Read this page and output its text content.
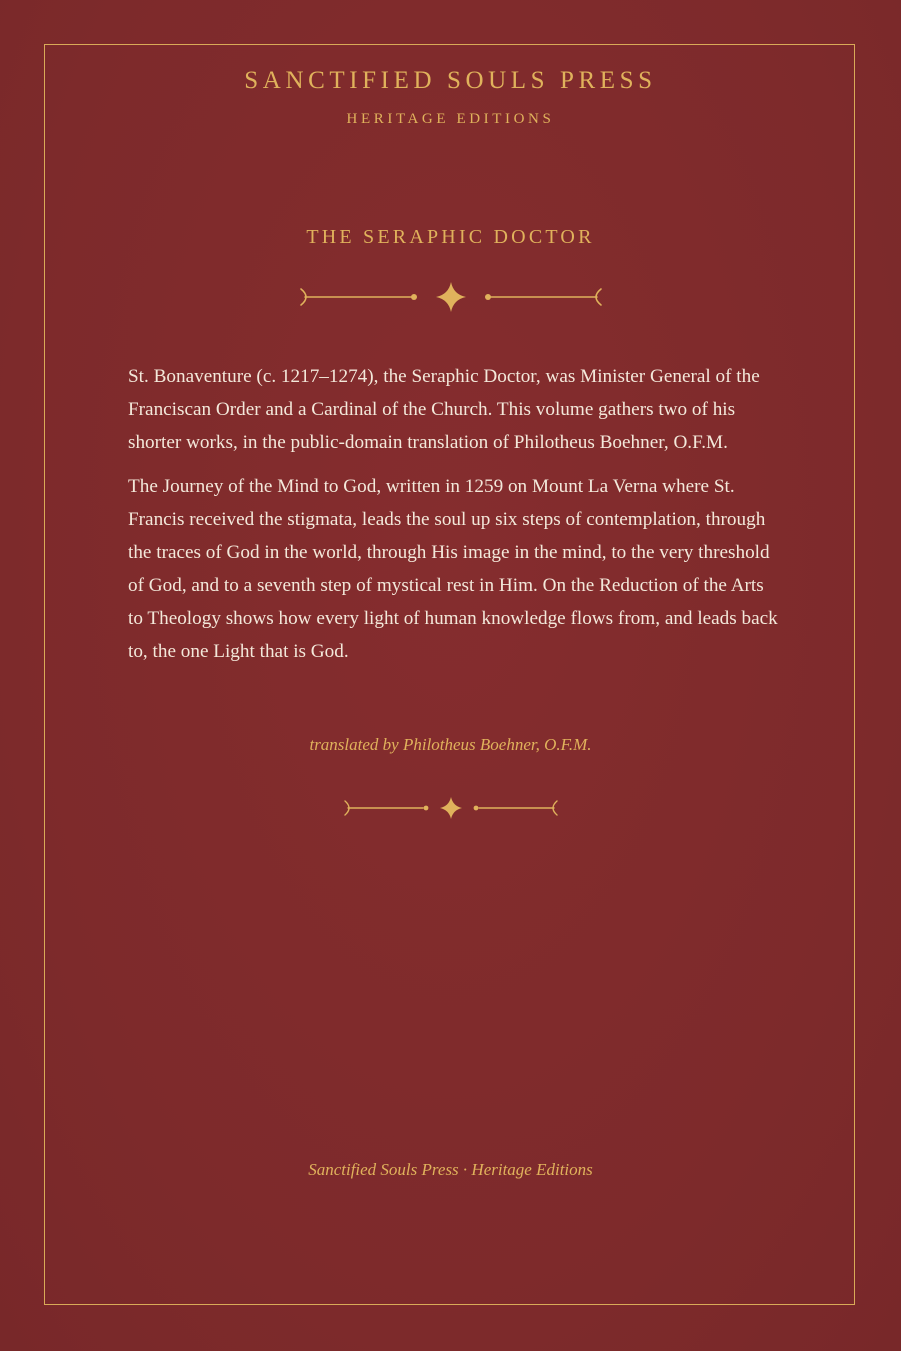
SANCTIFIED SOULS PRESS
HERITAGE EDITIONS
THE SERAPHIC DOCTOR

St. Bonaventure (c. 1217–1274), the Seraphic Doctor, was Minister General of the Franciscan Order and a Cardinal of the Church. This volume gathers two of his shorter works, in the public-domain translation of Philotheus Boehner, O.F.M.

The Journey of the Mind to God, written in 1259 on Mount La Verna where St. Francis received the stigmata, leads the soul up six steps of contemplation, through the traces of God in the world, through His image in the mind, to the very threshold of God, and to a seventh step of mystical rest in Him. On the Reduction of the Arts to Theology shows how every light of human knowledge flows from, and leads back to, the one Light that is God.

translated by Philotheus Boehner, O.F.M.
Sanctified Souls Press · Heritage Editions
